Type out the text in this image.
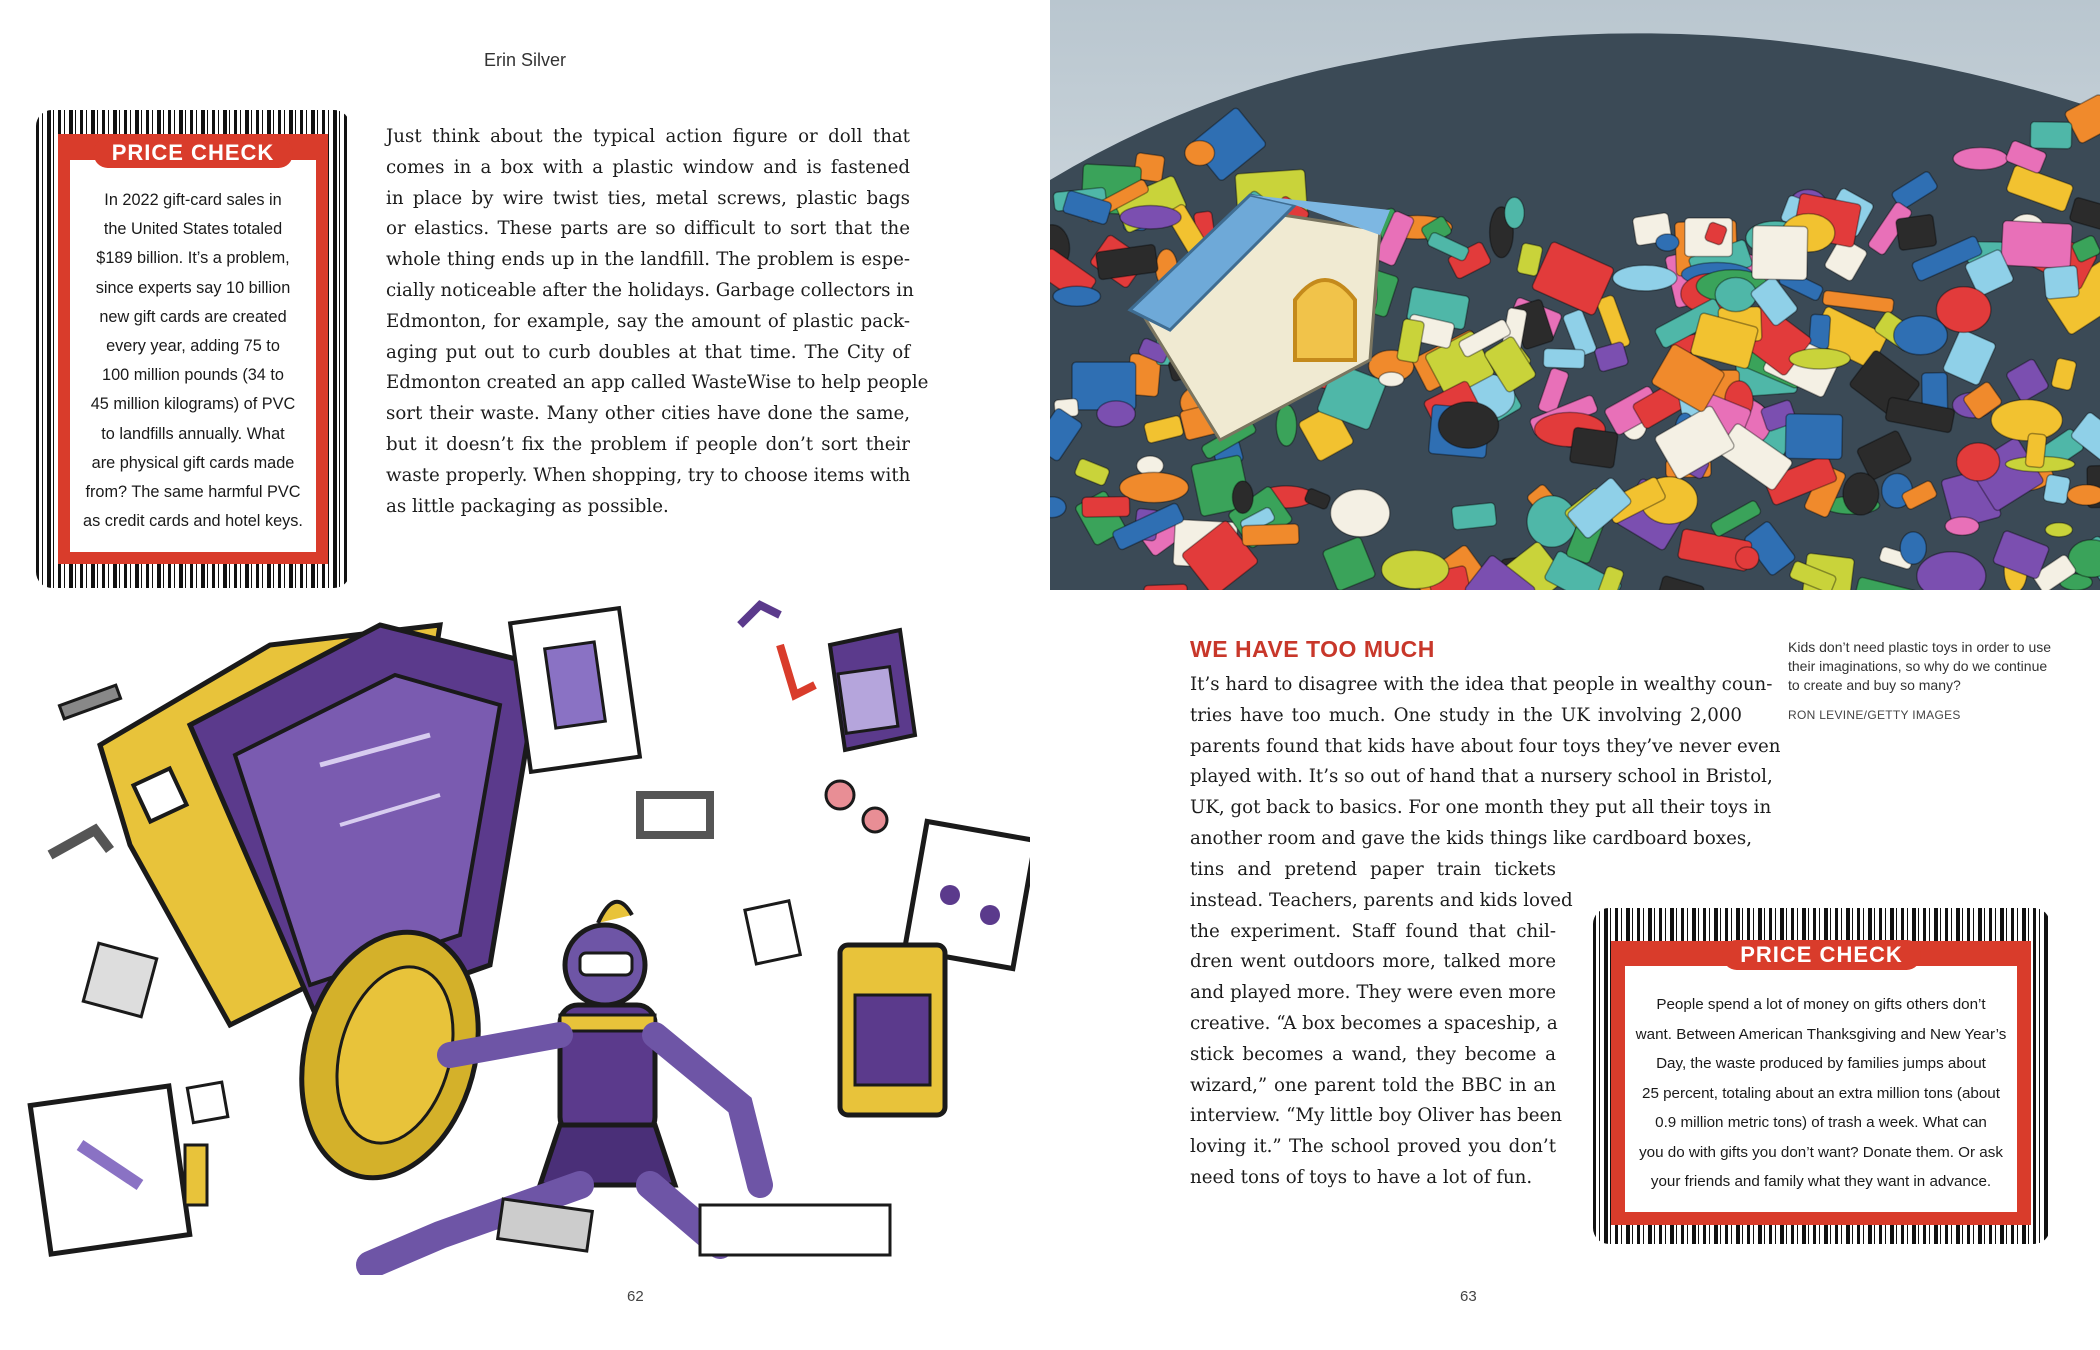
Erin Silver
In 2022 gift-card sales in
the United States totaled
$189 billion. It’s a problem,
since experts say 10 billion
new gift cards are created
every year, adding 75 to
100 million pounds (34 to
45 million kilograms) of PVC
to landfills annually. What
are physical gift cards made
from? The same harmful PVC
as credit cards and hotel keys.
PRICE CHECK
Just think about the typical action figure or doll that
comes in a box with a plastic window and is fastened
in place by wire twist ties, metal screws, plastic bags
or elastics. These parts are so difficult to sort that the
whole thing ends up in the landfill. The problem is espe-
cially noticeable after the holidays. Garbage collectors in
Edmonton, for example, say the amount of plastic pack-
aging put out to curb doubles at that time. The City of
Edmonton created an app called WasteWise to help people
sort their waste. Many other cities have done the same,
but it doesn’t fix the problem if people don’t sort their
waste properly. When shopping, try to choose items with
as little packaging as possible.
62
WE HAVE TOO MUCH	Kids don’t need plastic toys in order to use their imaginations, so why do we continue to create and buy so many?
RON LEVINE/GETTY IMAGES
It’s hard to disagree with the idea that people in wealthy coun-
tries have too much. One study in the UK involving 2,000
parents found that kids have about four toys they’ve never even
played with. It’s so out of hand that a nursery school in Bristol,
UK, got back to basics. For one month they put all their toys in
another room and gave the kids things like cardboard boxes,
tins and pretend paper train tickets
instead. Teachers, parents and kids loved
the experiment. Staff found that chil-
dren went outdoors more, talked more
and played more. They were even more
creative. “A box becomes a spaceship, a
stick becomes a wand, they become a
wizard,” one parent told the BBC in an
interview. “My little boy Oliver has been
loving it.” The school proved you don’t
need tons of toys to have a lot of fun.
People spend a lot of money on gifts others don’t
want. Between American Thanksgiving and New Year’s
Day, the waste produced by families jumps about
25 percent, totaling about an extra million tons (about
0.9 million metric tons) of trash a week. What can
you do with gifts you don’t want? Donate them. Or ask
your friends and family what they want in advance.
PRICE CHECK
63
